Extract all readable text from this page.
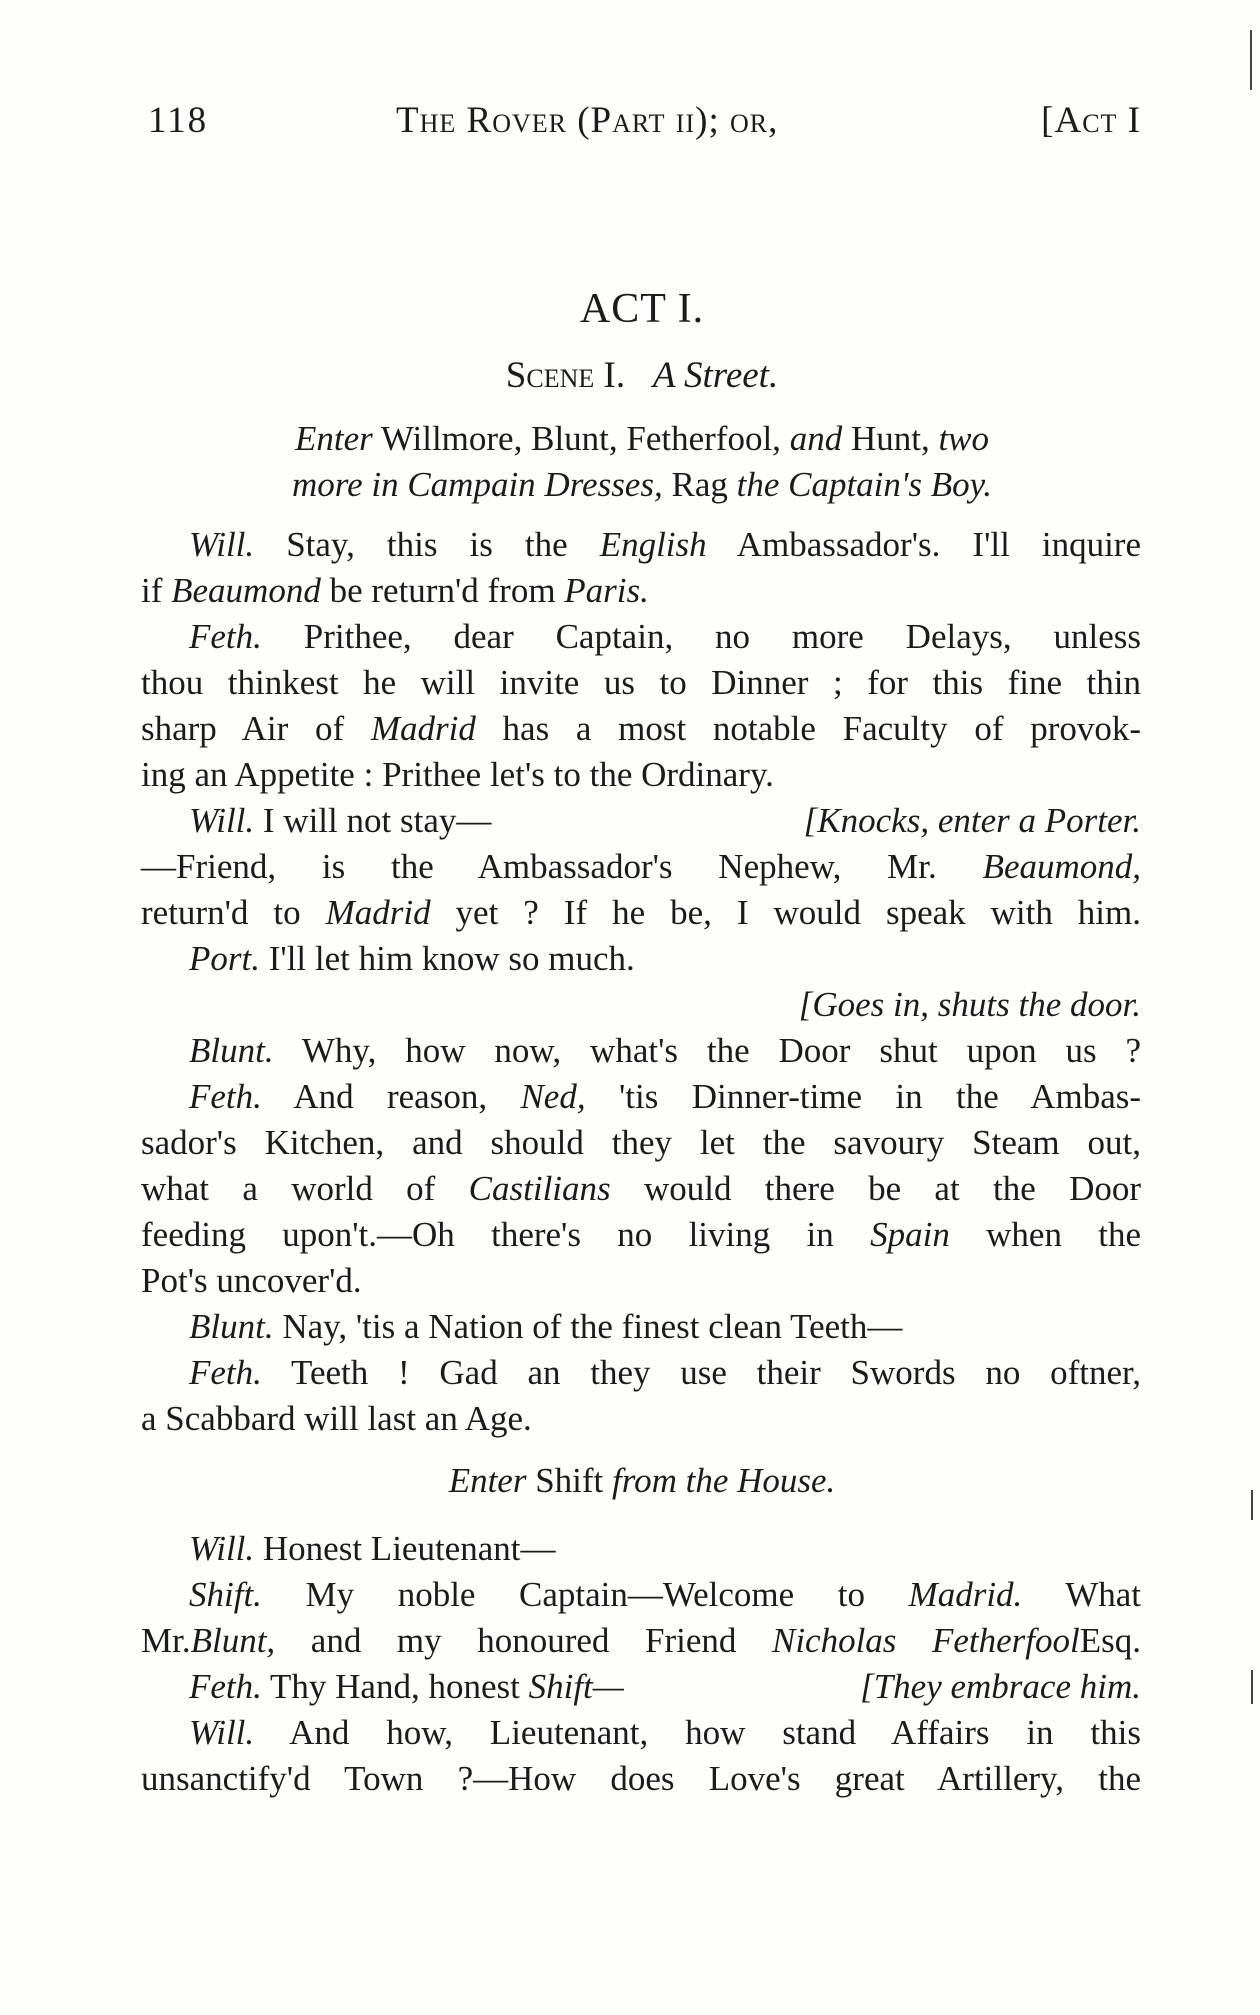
118	The Rover (Part ii); or,	[Act I
ACT I.
Scene I. A Street.
Enter Willmore, Blunt, Fetherfool, and Hunt, two
more in Campain Dresses, Rag the Captain's Boy.
Will. Stay, this is the English Ambassador's. I'll inquire
if Beaumond be return'd from Paris.
Feth. Prithee, dear Captain, no more Delays, unless
thou thinkest he will invite us to Dinner ; for this fine thin
sharp Air of Madrid has a most notable Faculty of provok-
ing an Appetite : Prithee let's to the Ordinary.
Will. I will not stay—	[Knocks, enter a Porter.
—Friend, is the Ambassador's Nephew, Mr. Beaumond,
return'd to Madrid yet ? If he be, I would speak with him.
Port. I'll let him know so much.
[Goes in, shuts the door.
Blunt. Why, how now, what's the Door shut upon us ?
Feth. And reason, Ned, 'tis Dinner-time in the Ambas-
sador's Kitchen, and should they let the savoury Steam out,
what a world of Castilians would there be at the Door
feeding upon't.—Oh there's no living in Spain when the
Pot's uncover'd.
Blunt. Nay, 'tis a Nation of the finest clean Teeth—
Feth. Teeth ! Gad an they use their Swords no oftner,
a Scabbard will last an Age.
Enter Shift from the House.
Will. Honest Lieutenant—
Shift. My noble Captain—Welcome to Madrid. What
Mr.Blunt, and my honoured Friend Nicholas FetherfoolEsq.
Feth. Thy Hand, honest Shift—	[They embrace him.
Will. And how, Lieutenant, how stand Affairs in this
unsanctify'd Town ?—How does Love's great Artillery, the
